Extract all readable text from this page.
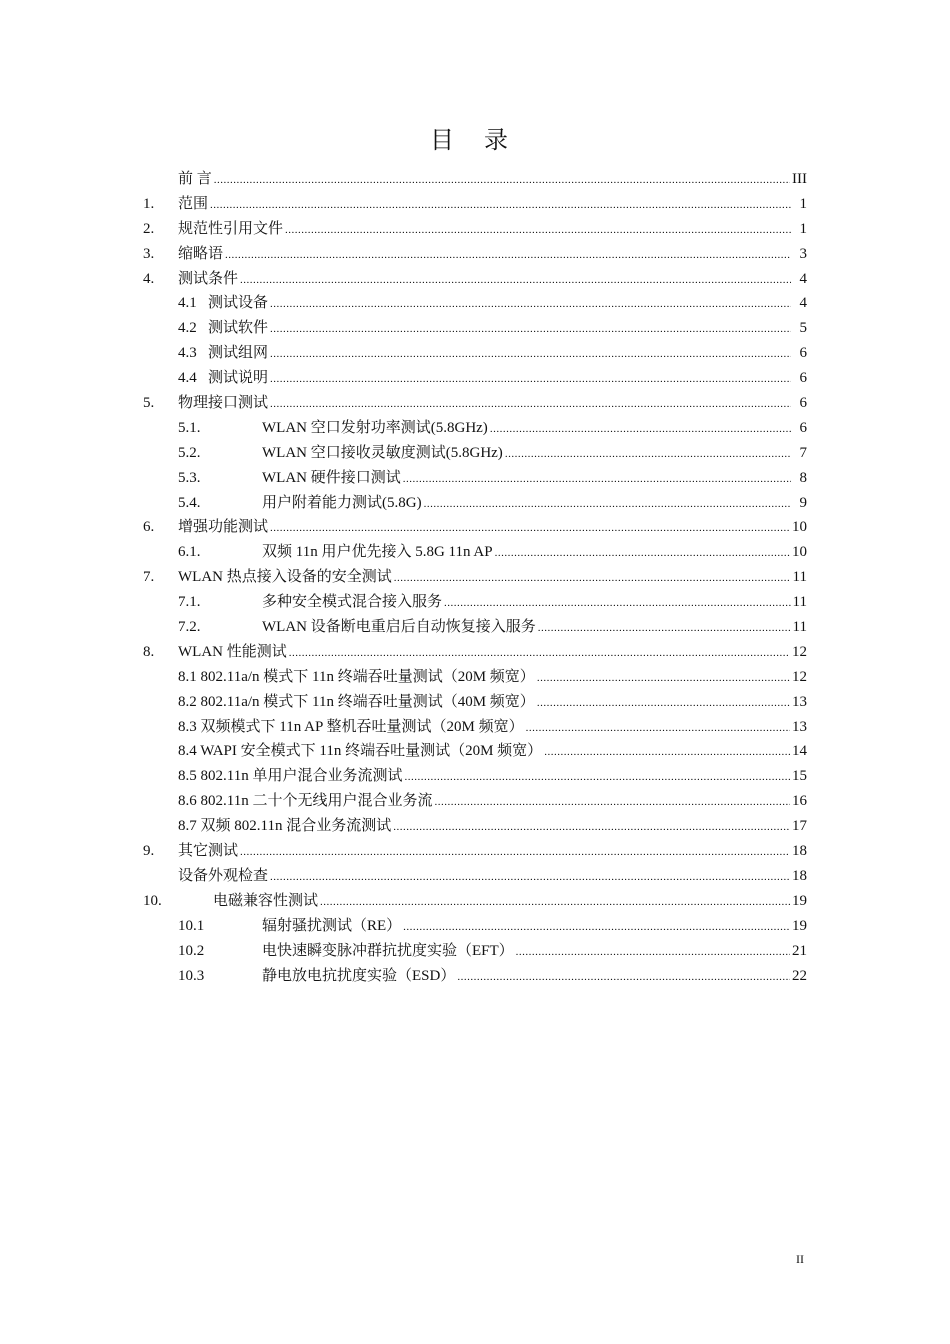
目 录
前 言 .....	III
1.	范围 .....	1
2.	规范性引用文件 .....	1
3.	缩略语 .....	3
4.	测试条件 .....	4
4.1 测试设备 .....	4
4.2 测试软件 .....	5
4.3 测试组网 .....	6
4.4 测试说明 .....	6
5.	物理接口测试 .....	6
5.1.	WLAN 空口发射功率测试(5.8GHz) .....	6
5.2.	WLAN 空口接收灵敏度测试(5.8GHz) .....	7
5.3.	WLAN 硬件接口测试 .....	8
5.4.	用户附着能力测试(5.8G) .....	9
6.	增强功能测试 .....	10
6.1.	双频 11n 用户优先接入 5.8G 11n AP .....	10
7.	WLAN 热点接入设备的安全测试 .....	11
7.1.	多种安全模式混合接入服务 .....	11
7.2.	WLAN 设备断电重启后自动恢复接入服务 .....	11
8.	WLAN 性能测试 .....	12
8.1 802.11a/n 模式下 11n 终端吞吐量测试（20M 频宽） .....	12
8.2 802.11a/n 模式下 11n 终端吞吐量测试（40M 频宽） .....	13
8.3 双频模式下 11n AP 整机吞吐量测试（20M 频宽） .....	13
8.4 WAPI 安全模式下 11n 终端吞吐量测试（20M 频宽） .....	14
8.5 802.11n 单用户混合业务流测试 .....	15
8.6 802.11n 二十个无线用户混合业务流 .....	16
8.7 双频 802.11n 混合业务流测试 .....	17
9.	其它测试 .....	18
设备外观检查 .....	18
10.	电磁兼容性测试 .....	19
10.1	辐射骚扰测试（RE） .....	19
10.2	电快速瞬变脉冲群抗扰度实验（EFT） .....	21
10.3	静电放电抗扰度实验（ESD） .....	22
II
